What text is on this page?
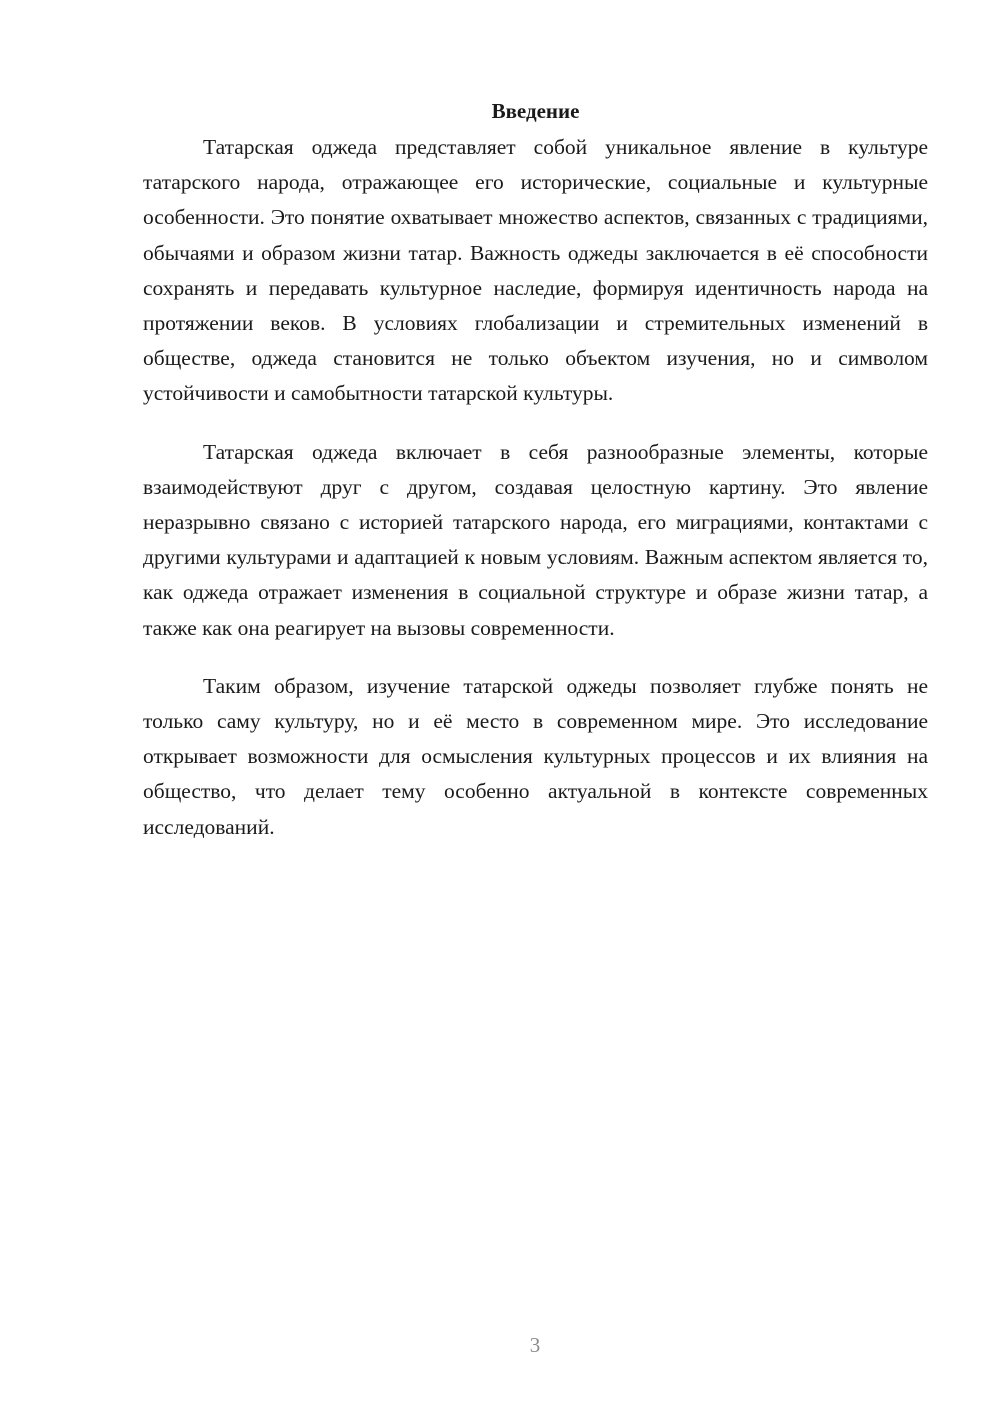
Введение

Татарская оджеда представляет собой уникальное явление в культуре татарского народа, отражающее его исторические, социальные и культурные особенности. Это понятие охватывает множество аспектов, связанных с традициями, обычаями и образом жизни татар. Важность оджеды заключается в её способности сохранять и передавать культурное наследие, формируя идентичность народа на протяжении веков. В условиях глобализации и стремительных изменений в обществе, оджеда становится не только объектом изучения, но и символом устойчивости и самобытности татарской культуры.

Татарская оджеда включает в себя разнообразные элементы, которые взаимодействуют друг с другом, создавая целостную картину. Это явление неразрывно связано с историей татарского народа, его миграциями, контактами с другими культурами и адаптацией к новым условиям. Важным аспектом является то, как оджеда отражает изменения в социальной структуре и образе жизни татар, а также как она реагирует на вызовы современности.

Таким образом, изучение татарской оджеды позволяет глубже понять не только саму культуру, но и её место в современном мире. Это исследование открывает возможности для осмысления культурных процессов и их влияния на общество, что делает тему особенно актуальной в контексте современных исследований.

3
